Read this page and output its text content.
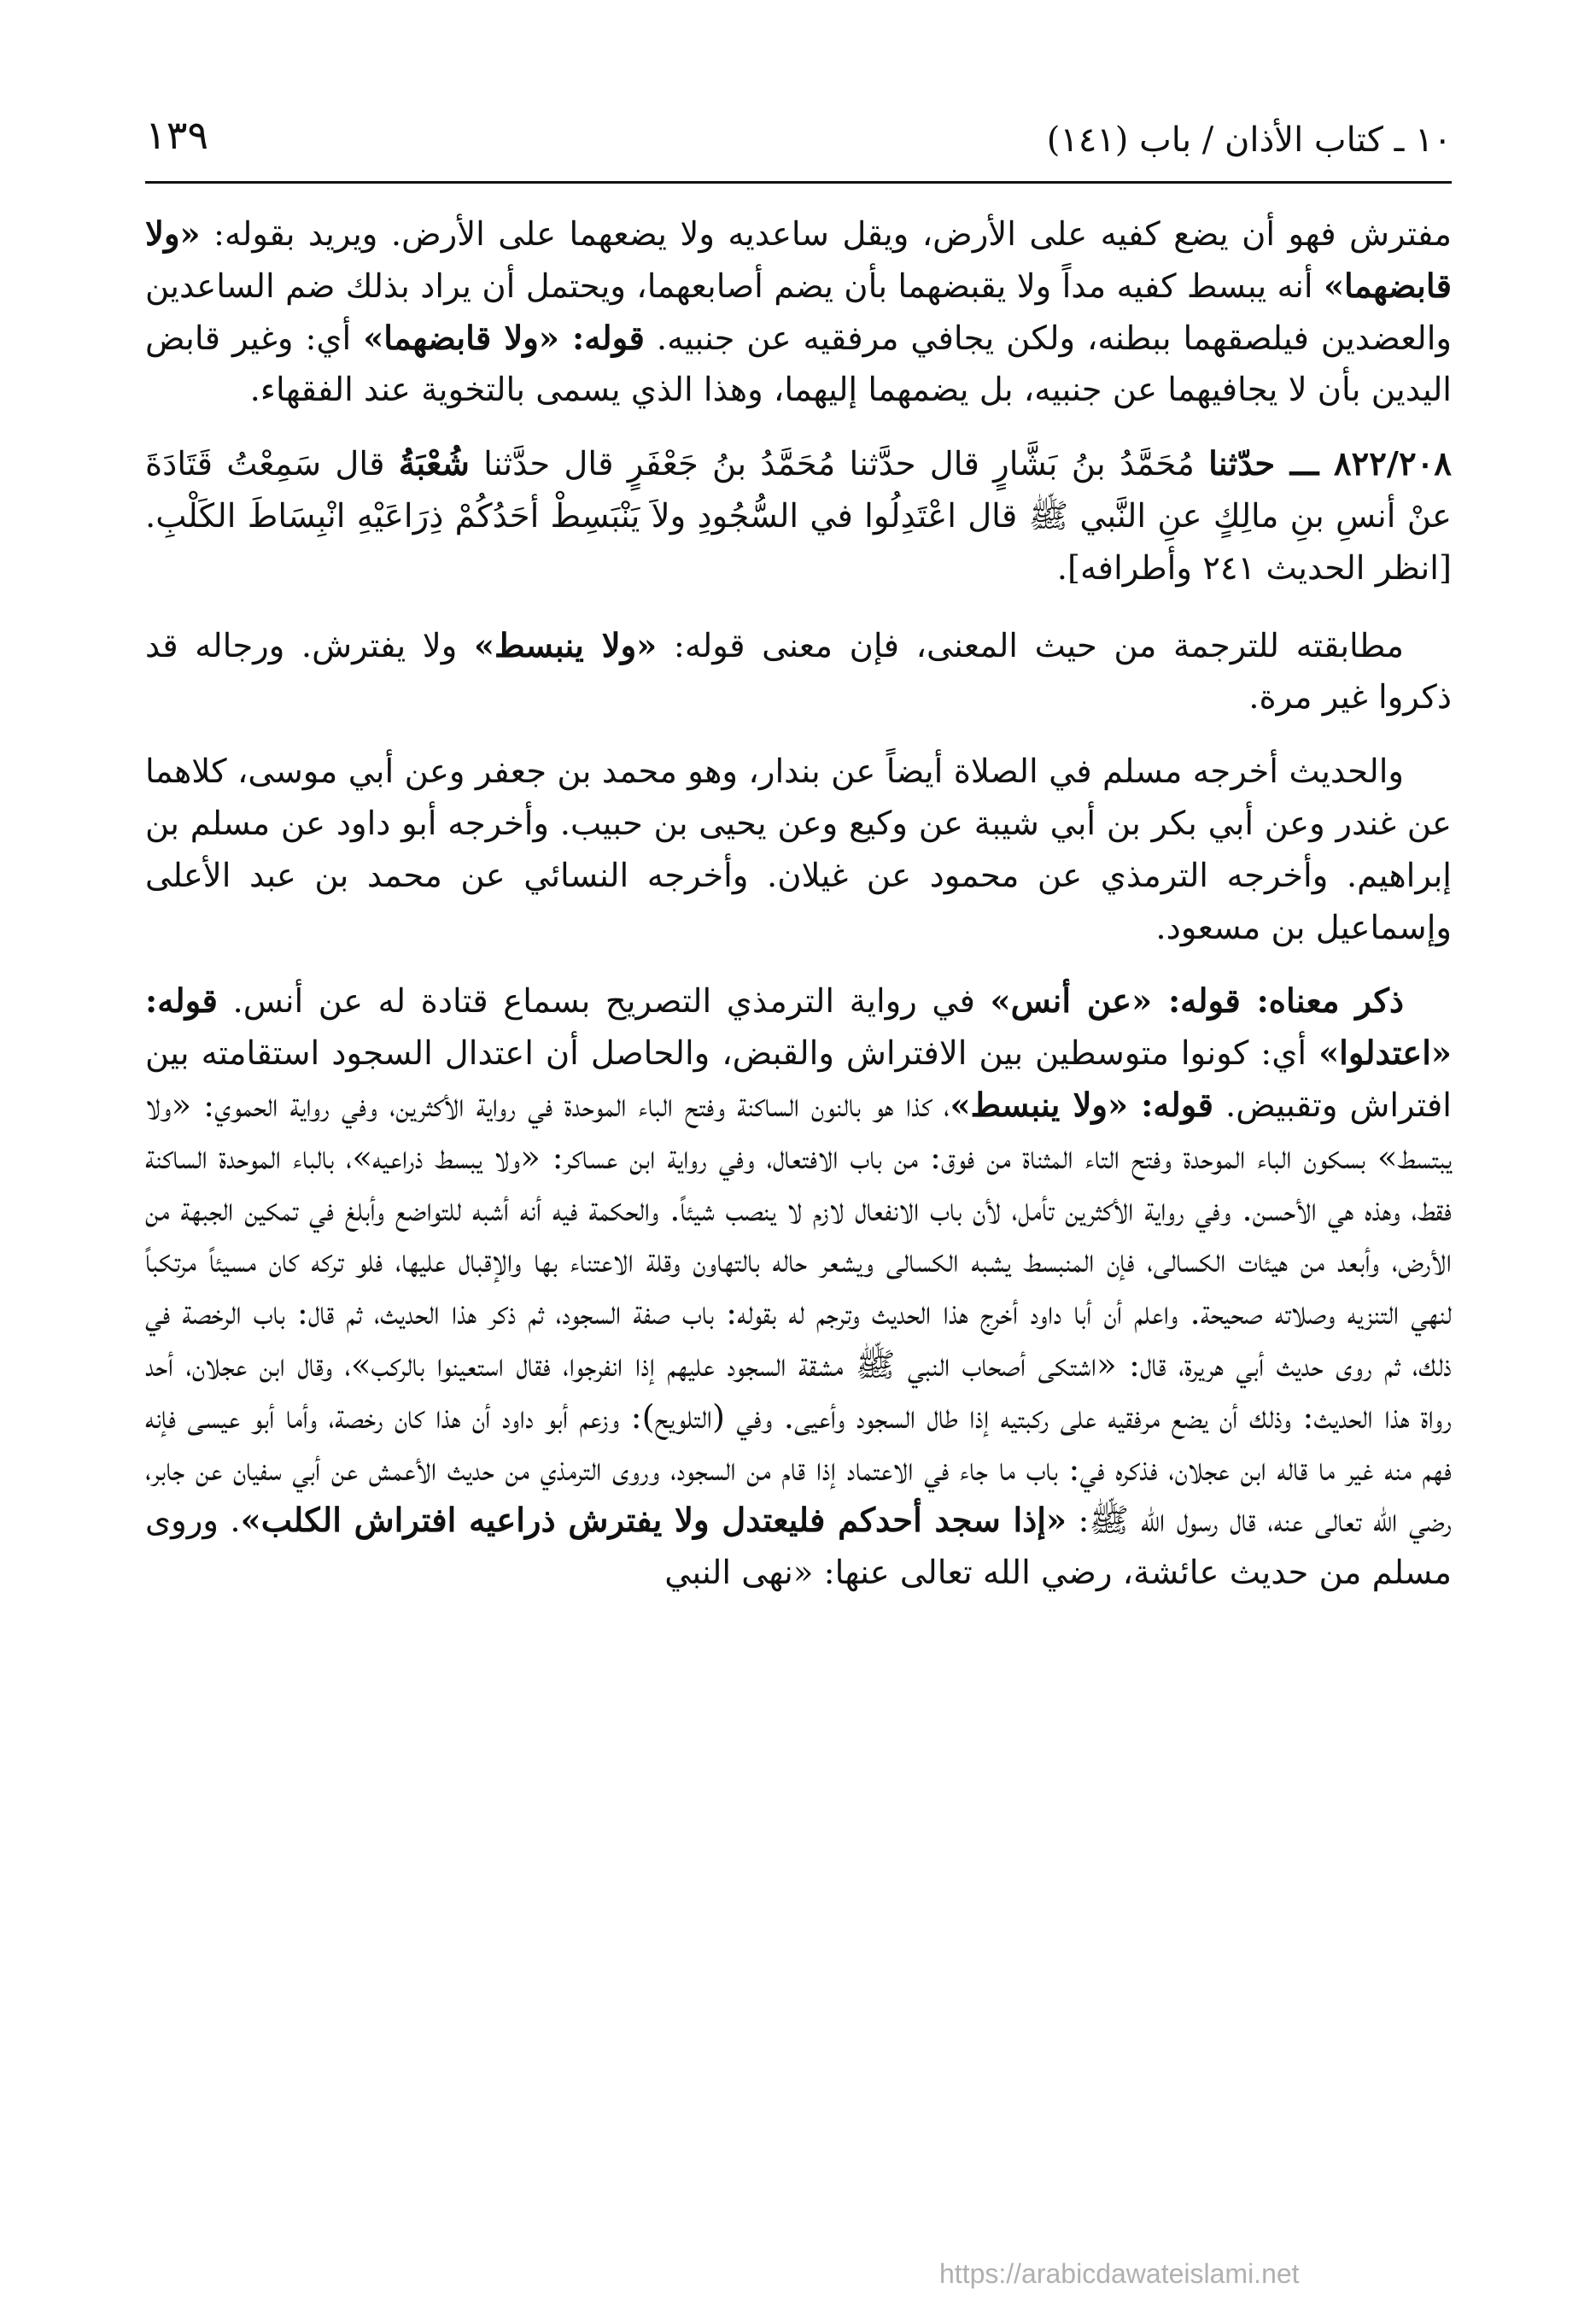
١٠ ـ كتاب الأذان / باب (١٤١)
١٣٩

مفترش فهو أن يضع كفيه على الأرض، ويقل ساعديه ولا يضعهما على الأرض. ويريد بقوله: «ولا قابضهما» أنه يبسط كفيه مداً ولا يقبضهما بأن يضم أصابعهما، ويحتمل أن يراد بذلك ضم الساعدين والعضدين فيلصقهما ببطنه، ولكن يجافي مرفقيه عن جنبيه. قوله: «ولا قابضهما» أي: وغير قابض اليدين بأن لا يجافيهما عن جنبيه، بل يضمهما إليهما، وهذا الذي يسمى بالتخوية عند الفقهاء.

٨٢٢/٢٠٨ ـــ حدّثنا مُحَمَّدُ بنُ بَشَّارٍ قال حدَّثنا مُحَمَّدُ بنُ جَعْفَرٍ قال حدَّثنا شُعْبَةُ قال سَمِعْتُ قَتَادَةَ عنْ أنسِ بنِ مالِكٍ عنِ النَّبي ﷺ قال اعْتَدِلُوا في السُّجُودِ ولاَ يَنْبَسِطْ أحَدُكُمْ ذِرَاعَيْهِ انْبِسَاطَ الكَلْبِ. [انظر الحديث ٢٤١ وأطرافه].

مطابقته للترجمة من حيث المعنى، فإن معنى قوله: «ولا ينبسط» ولا يفترش. ورجاله قد ذكروا غير مرة.

والحديث أخرجه مسلم في الصلاة أيضاً عن بندار، وهو محمد بن جعفر وعن أبي موسى، كلاهما عن غندر وعن أبي بكر بن أبي شيبة عن وكيع وعن يحيى بن حبيب. وأخرجه أبو داود عن مسلم بن إبراهيم. وأخرجه الترمذي عن محمود عن غيلان. وأخرجه النسائي عن محمد بن عبد الأعلى وإسماعيل بن مسعود.

ذكر معناه: قوله: «عن أنس» في رواية الترمذي التصريح بسماع قتادة له عن أنس. قوله: «اعتدلوا» أي: كونوا متوسطين بين الافتراش والقبض، والحاصل أن اعتدال السجود استقامته بين افتراش وتقبيض. قوله: «ولا ينبسط»، كذا هو بالنون الساكنة وفتح الباء الموحدة في رواية الأكثرين، وفي رواية الحموي: «ولا يبتسط» بسكون الباء الموحدة وفتح التاء المثناة من فوق: من باب الافتعال، وفي رواية ابن عساكر: «ولا يبسط ذراعيه»، بالباء الموحدة الساكنة فقط، وهذه هي الأحسن. وفي رواية الأكثرين تأمل، لأن باب الانفعال لازم لا ينصب شيئاً. والحكمة فيه أنه أشبه للتواضع وأبلغ في تمكين الجبهة من الأرض، وأبعد من هيئات الكسالى، فإن المنبسط يشبه الكسالى ويشعر حاله بالتهاون وقلة الاعتناء بها والإقبال عليها، فلو تركه كان مسيئاً مرتكباً لنهي التنزيه وصلاته صحيحة. واعلم أن أبا داود أخرج هذا الحديث وترجم له بقوله: باب صفة السجود، ثم ذكر هذا الحديث، ثم قال: باب الرخصة في ذلك، ثم روى حديث أبي هريرة، قال: «اشتكى أصحاب النبي ﷺ مشقة السجود عليهم إذا انفرجوا، فقال استعينوا بالركب»، وقال ابن عجلان، أحد رواة هذا الحديث: وذلك أن يضع مرفقيه على ركبتيه إذا طال السجود وأعيى. وفي (التلويح): وزعم أبو داود أن هذا كان رخصة، وأما أبو عيسى فإنه فهم منه غير ما قاله ابن عجلان، فذكره في: باب ما جاء في الاعتماد إذا قام من السجود، وروى الترمذي من حديث الأعمش عن أبي سفيان عن جابر، رضي الله تعالى عنه، قال رسول الله ﷺ: «إذا سجد أحدكم فليعتدل ولا يفترش ذراعيه افتراش الكلب». وروى مسلم من حديث عائشة، رضي الله تعالى عنها: «نهى النبي

https://arabicdawateislami.net
